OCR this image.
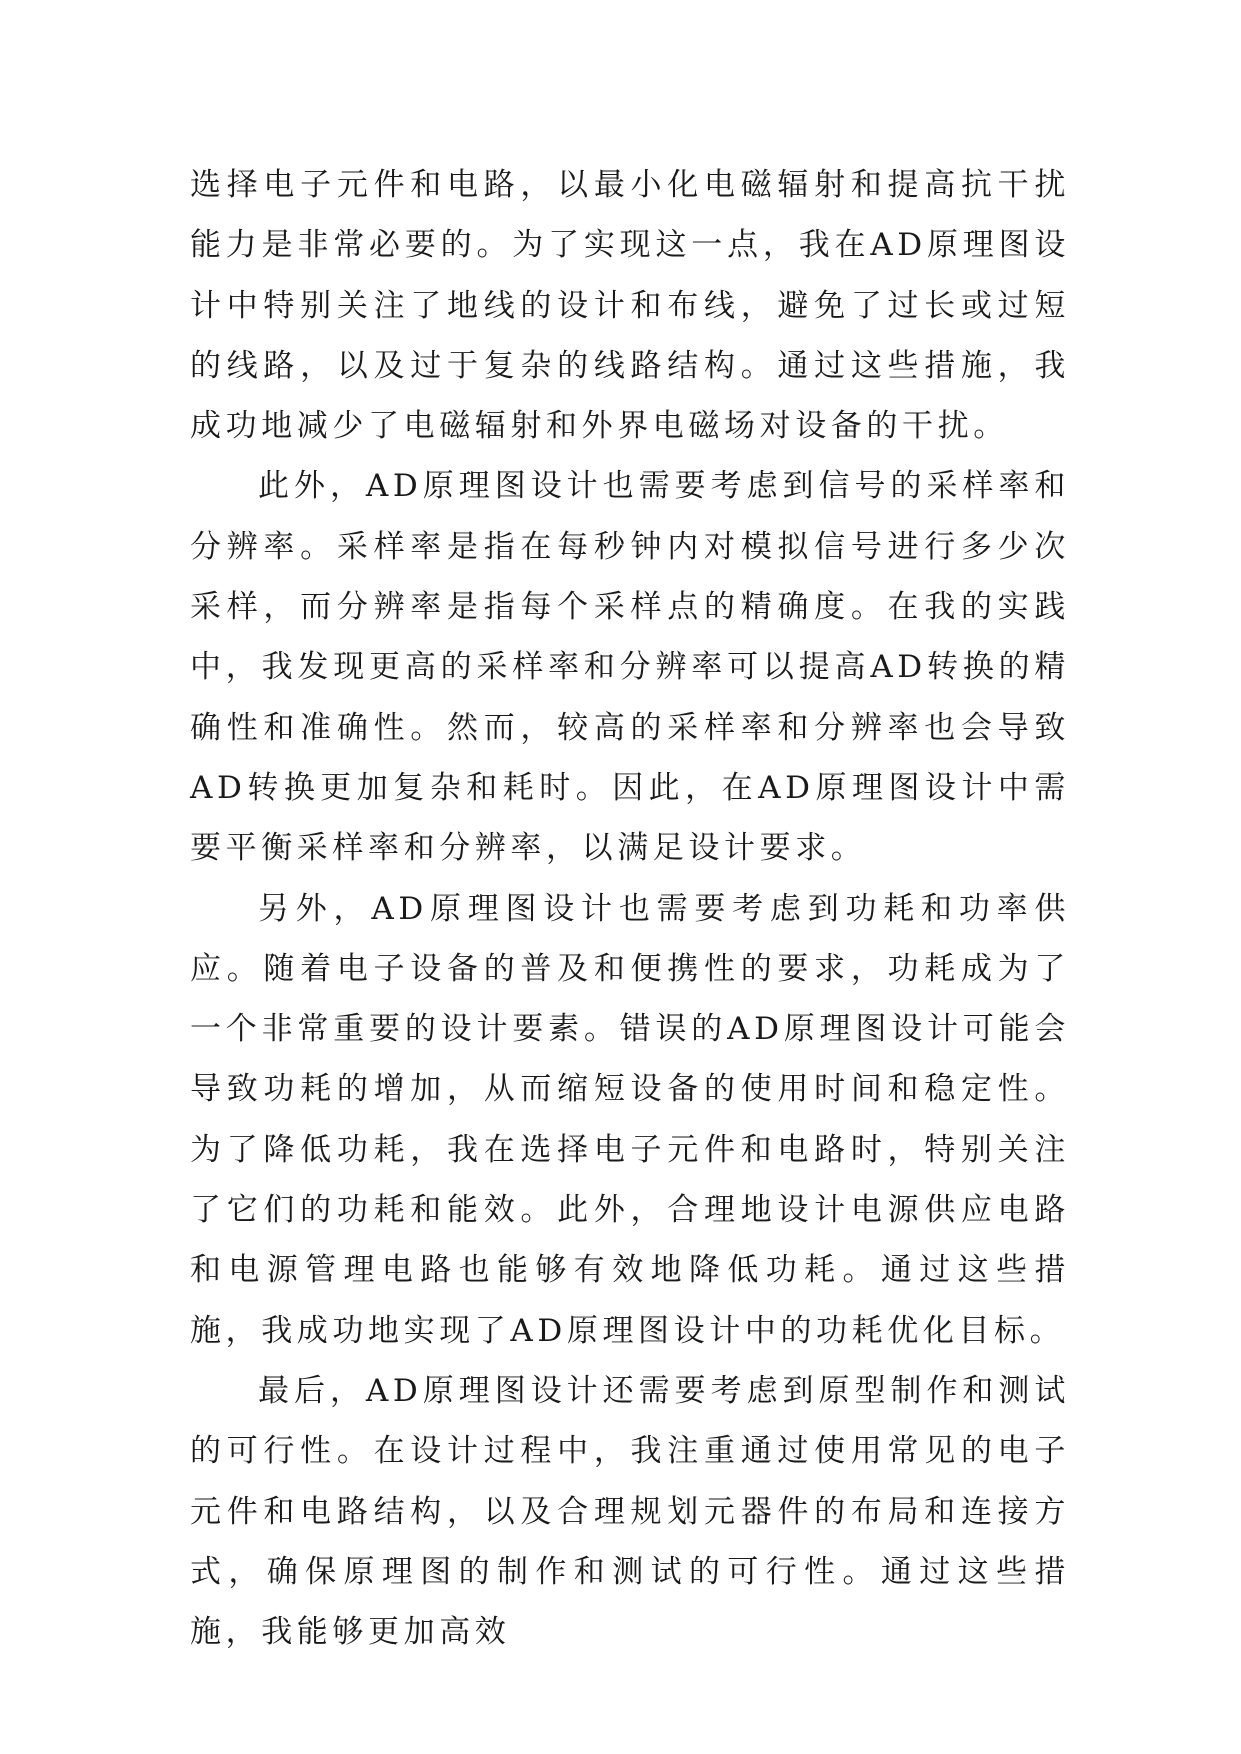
选择电子元件和电路，以最小化电磁辐射和提高抗干扰能力是非常必要的。为了实现这一点，我在AD原理图设计中特别关注了地线的设计和布线，避免了过长或过短的线路，以及过于复杂的线路结构。通过这些措施，我成功地减少了电磁辐射和外界电磁场对设备的干扰。

此外，AD原理图设计也需要考虑到信号的采样率和分辨率。采样率是指在每秒钟内对模拟信号进行多少次采样，而分辨率是指每个采样点的精确度。在我的实践中，我发现更高的采样率和分辨率可以提高AD转换的精确性和准确性。然而，较高的采样率和分辨率也会导致AD转换更加复杂和耗时。因此，在AD原理图设计中需要平衡采样率和分辨率，以满足设计要求。

另外，AD原理图设计也需要考虑到功耗和功率供应。随着电子设备的普及和便携性的要求，功耗成为了一个非常重要的设计要素。错误的AD原理图设计可能会导致功耗的增加，从而缩短设备的使用时间和稳定性。为了降低功耗，我在选择电子元件和电路时，特别关注了它们的功耗和能效。此外，合理地设计电源供应电路和电源管理电路也能够有效地降低功耗。通过这些措施，我成功地实现了AD原理图设计中的功耗优化目标。

最后，AD原理图设计还需要考虑到原型制作和测试的可行性。在设计过程中，我注重通过使用常见的电子元件和电路结构，以及合理规划元器件的布局和连接方式，确保原理图的制作和测试的可行性。通过这些措施，我能够更加高效
